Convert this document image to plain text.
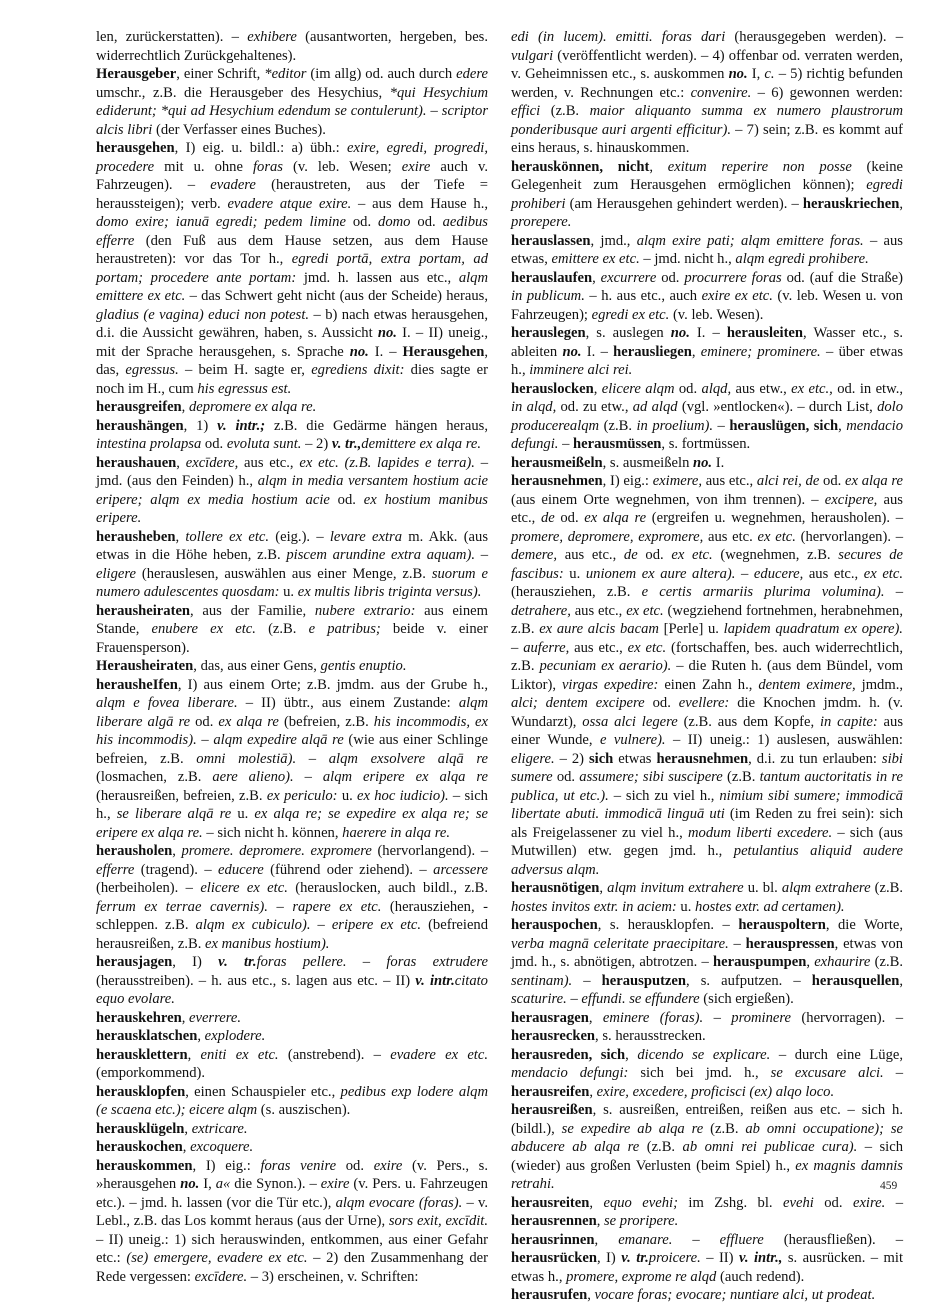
len, zurückerstatten). – exhibere (ausantworten, hergeben, bes. widerrechtlich Zurückgehaltenes).

Herausgeber, einer Schrift, *editor (im allg) od. auch durch edere umschr., z.B. die Herausgeber des Hesychius, *qui Hesychium ediderunt; *qui ad Hesychium edendum se contulerunt). – scriptor alcis libri (der Verfasser eines Buches).

herausgehen, I) eig. u. bildl.: a) übh.: exire, egredi, progredi, procedere mit u. ohne foras (v. leb. Wesen; exire auch v. Fahrzeugen). – evadere (heraustreten, aus der Tiefe = heraussteigen); verb. evadere atque exire. – aus dem Hause h., domo exire; ianuā egredi; pedem limine od. domo od. aedibus efferre (den Fuß aus dem Hause setzen, aus dem Hause heraustreten): vor das Tor h., egredi portā, extra portam, ad portam; procedere ante portam: jmd. h. lassen aus etc., alqm emittere ex etc. – das Schwert geht nicht (aus der Scheide) heraus, gladius (e vagina) educi non potest. – b) nach etwas herausgehen, d.i. die Aussicht gewähren, haben, s. Aussicht no. I. – II) uneig., mit der Sprache herausgehen, s. Sprache no. I. – Herausgehen, das, egressus. – beim H. sagte er, egrediens dixit: dies sagte er noch im H., cum his egressus est.

herausgreifen, depromere ex alqa re.

heraushängen, 1) v. intr.; z.B. die Gedärme hängen heraus, intestina prolapsa od. evoluta sunt. – 2) v. tr.,demittere ex alqa re.

heraushauen, excīdere, aus etc., ex etc. (z.B. lapides e terra). – jmd. (aus den Feinden) h., alqm in media versantem hostium acie eripere; alqm ex media hostium acie od. ex hostium manibus eripere.

herausheben, tollere ex etc. (eig.). – levare extra m. Akk. (aus etwas in die Höhe heben, z.B. piscem arundine extra aquam). – eligere (herauslesen, auswählen aus einer Menge, z.B. suorum e numero adulescentes quosdam: u. ex multis libris triginta versus).

herausheiraten, aus der Familie, nubere extrario: aus einem Stande, enubere ex etc. (z.B. e patribus; beide v. einer Frauensperson).

Herausheiraten, das, aus einer Gens, gentis enuptio.

herausheIfen, I) aus einem Orte; z.B. jmdm. aus der Grube h., alqm e fovea liberare. – II) übtr., aus einem Zustande: alqm liberare algā re od. ex alqa re (befreien, z.B. his incommodis, ex his incommodis). – alqm expedire alqā re (wie aus einer Schlinge befreien, z.B. omni molestiā). – alqm exsolvere alqā re (losmachen, z.B. aere alieno). – alqm eripere ex alqa re (herausreißen, befreien, z.B. ex periculo: u. ex hoc iudicio). – sich h., se liberare alqā re u. ex alqa re; se expedire ex alqa re; se eripere ex alqa re. – sich nicht h. können, haerere in alqa re.

herausholen, promere. depromere. expromere (hervorlangend). – efferre (tragend). – educere (führend oder ziehend). – arcessere (herbeiholen). – elicere ex etc. (herauslocken, auch bildl., z.B. ferrum ex terrae cavernis). – rapere ex etc. (herausziehen, -schleppen. z.B. alqm ex cubiculo). – eripere ex etc. (befreiend herausreißen, z.B. ex manibus hostium).

herausjagen, I) v. tr.foras pellere. – foras extrudere (herausstreiben). – h. aus etc., s. lagen aus etc. – II) v. intr.citato equo evolare.

herauskehren, everrere.

herausklatschen, explodere.

herausklettern, eniti ex etc. (anstrebend). – evadere ex etc. (emporkommend).

herausklopfen, einen Schauspieler etc., pedibus exp lodere alqm (e scaena etc.); eicere alqm (s. auszischen).

herausklügeln, extricare.

herauskochen, excoquere.

herauskommen, I) eig.: foras venire od. exire (v. Pers., s. »herausgehen no. I, a« die Synon.). – exire (v. Pers. u. Fahrzeugen etc.). – jmd. h. lassen (vor die Tür etc.), alqm evocare (foras). – v. Lebl., z.B. das Los kommt heraus (aus der Urne), sors exit, excīdit. – II) uneig.: 1) sich herauswinden, entkommen, aus einer Gefahr etc.: (se) emergere, evadere ex etc. – 2) den Zusammenhang der Rede vergessen: excīdere. – 3) erscheinen, v. Schriften:

edi (in lucem). emitti. foras dari (herausgegeben werden). – vulgari (veröffentlicht werden). – 4) offenbar od. verraten werden, v. Geheimnissen etc., s. auskommen no. I, c. – 5) richtig befunden werden, v. Rechnungen etc.: convenire. – 6) gewonnen werden: effici (z.B. maior aliquanto summa ex numero plaustrorum ponderibusque auri argenti efficitur). – 7) sein; z.B. es kommt auf eins heraus, s. hinauskommen.

herauskönnen, nicht, exitum reperire non posse (keine Gelegenheit zum Herausgehen ermöglichen können); egredi prohiberi (am Herausgehen gehindert werden). – herauskriechen, prorepere.

herauslassen, jmd., alqm exire pati; alqm emittere foras. – aus etwas, emittere ex etc. – jmd. nicht h., alqm egredi prohibere.

herauslaufen, excurrere od. procurrere foras od. (auf die Straße) in publicum. – h. aus etc., auch exire ex etc. (v. leb. Wesen u. von Fahrzeugen); egredi ex etc. (v. leb. Wesen).

herauslegen, s. auslegen no. I. – herausleiten, Wasser etc., s. ableiten no. I. – herausliegen, eminere; prominere. – über etwas h., imminere alci rei.

herauslocken, elicere alqm od. alqd, aus etw., ex etc., od. in etw., in alqd, od. zu etw., ad alqd (vgl. »entlocken«). – durch List, dolo producerealqm (z.B. in proelium). – herauslügen, sich, mendacio defungi. – herausmüssen, s. fortmüssen.

herausmeißeln, s. ausmeißeln no. I.

herausnehmen, I) eig.: eximere, aus etc., alci rei, de od. ex alqa re (aus einem Orte wegnehmen, von ihm trennen). – excipere, aus etc., de od. ex alqa re (ergreifen u. wegnehmen, herausholen). – promere, depromere, expromere, aus etc. ex etc. (hervorlangen). – demere, aus etc., de od. ex etc. (wegnehmen, z.B. secures de fascibus: u. unionem ex aure altera). – educere, aus etc., ex etc. (herausziehen, z.B. e certis armariis plurima volumina). – detrahere, aus etc., ex etc. (wegziehend fortnehmen, herabnehmen, z.B. ex aure alcis bacam [Perle] u. lapidem quadratum ex opere). – auferre, aus etc., ex etc. (fortschaffen, bes. auch widerrechtlich, z.B. pecuniam ex aerario). – die Ruten h. (aus dem Bündel, vom Liktor), virgas expedire: einen Zahn h., dentem eximere, jmdm., alci; dentem excipere od. evellere: die Knochen jmdm. h. (v. Wundarzt), ossa alci legere (z.B. aus dem Kopfe, in capite: aus einer Wunde, e vulnere). – II) uneig.: 1) auslesen, auswählen: eligere. – 2) sich etwas herausnehmen, d.i. zu tun erlauben: sibi sumere od. assumere; sibi suscipere (z.B. tantum auctoritatis in re publica, ut etc.). – sich zu viel h., nimium sibi sumere; immodicā libertate abuti. immodicā linguā uti (im Reden zu frei sein): sich als Freigelassener zu viel h., modum liberti excedere. – sich (aus Mutwillen) etw. gegen jmd. h., petulantius aliquid audere adversus alqm.

herausnötigen, alqm invitum extrahere u. bl. alqm extrahere (z.B. hostes invitos extr. in aciem: u. hostes extr. ad certamen).

herauspochen, s. herausklopfen. – herauspoltern, die Worte, verba magnā celeritate praecipitare. – herauspressen, etwas von jmd. h., s. abnötigen, abtrotzen. – herauspumpen, exhaurire (z.B. sentinam). – herausputzen, s. aufputzen. – herausquellen, scaturire. – effundi. se effundere (sich ergießen).

herausragen, eminere (foras). – prominere (hervorragen). – herausrecken, s. herausstrecken.

herausreden, sich, dicendo se explicare. – durch eine Lüge, mendacio defungi: sich bei jmd. h., se excusare alci. – herausreifen, exire, excedere, proficisci (ex) alqo loco.

herausreißen, s. ausreißen, entreißen, reißen aus etc. – sich h. (bildl.), se expedire ab alqa re (z.B. ab omni occupatione); se abducere ab alqa re (z.B. ab omni rei publicae cura). – sich (wieder) aus großen Verlusten (beim Spiel) h., ex magnis damnis retrahi.

herausreiten, equo evehi; im Zshg. bl. evehi od. exire. – herausrennen, se proripere.

herausrinnen, emanare. – effluere (herausfließen). – herausrücken, I) v. tr.proicere. – II) v. intr., s. ausrücken. – mit etwas h., promere, exprome re alqd (auch redend).

herausrufen, vocare foras; evocare; nuntiare alci, ut prodeat.

459
